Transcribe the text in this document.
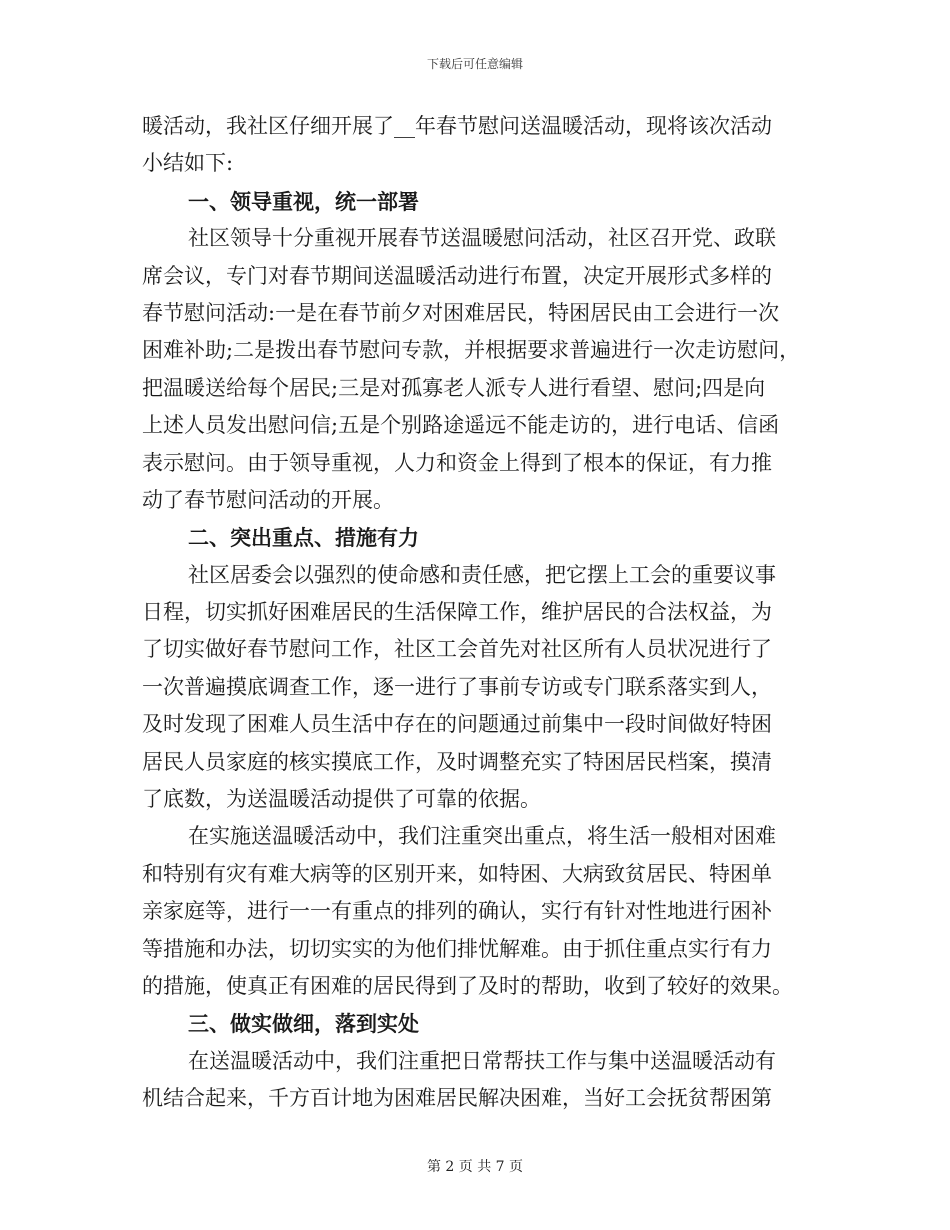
下载后可任意编辑
暖活动，我社区仔细开展了__年春节慰问送温暖活动，现将该次活动
小结如下:
一、领导重视，统一部署
社区领导十分重视开展春节送温暖慰问活动，社区召开党、政联
席会议，专门对春节期间送温暖活动进行布置，决定开展形式多样的
春节慰问活动:一是在春节前夕对困难居民，特困居民由工会进行一次
困难补助;二是拨出春节慰问专款，并根据要求普遍进行一次走访慰问，
把温暖送给每个居民;三是对孤寡老人派专人进行看望、慰问;四是向
上述人员发出慰问信;五是个别路途遥远不能走访的，进行电话、信函
表示慰问。由于领导重视，人力和资金上得到了根本的保证，有力推
动了春节慰问活动的开展。
二、突出重点、措施有力
社区居委会以强烈的使命感和责任感，把它摆上工会的重要议事
日程，切实抓好困难居民的生活保障工作，维护居民的合法权益，为
了切实做好春节慰问工作，社区工会首先对社区所有人员状况进行了
一次普遍摸底调查工作，逐一进行了事前专访或专门联系落实到人，
及时发现了困难人员生活中存在的问题通过前集中一段时间做好特困
居民人员家庭的核实摸底工作，及时调整充实了特困居民档案，摸清
了底数，为送温暖活动提供了可靠的依据。
在实施送温暖活动中，我们注重突出重点，将生活一般相对困难
和特别有灾有难大病等的区别开来，如特困、大病致贫居民、特困单
亲家庭等，进行一一有重点的排列的确认，实行有针对性地进行困补
等措施和办法，切切实实的为他们排忧解难。由于抓住重点实行有力
的措施，使真正有困难的居民得到了及时的帮助，收到了较好的效果。
三、做实做细，落到实处
在送温暖活动中，我们注重把日常帮扶工作与集中送温暖活动有
机结合起来，千方百计地为困难居民解决困难，当好工会抚贫帮困第
第 2 页 共 7 页
